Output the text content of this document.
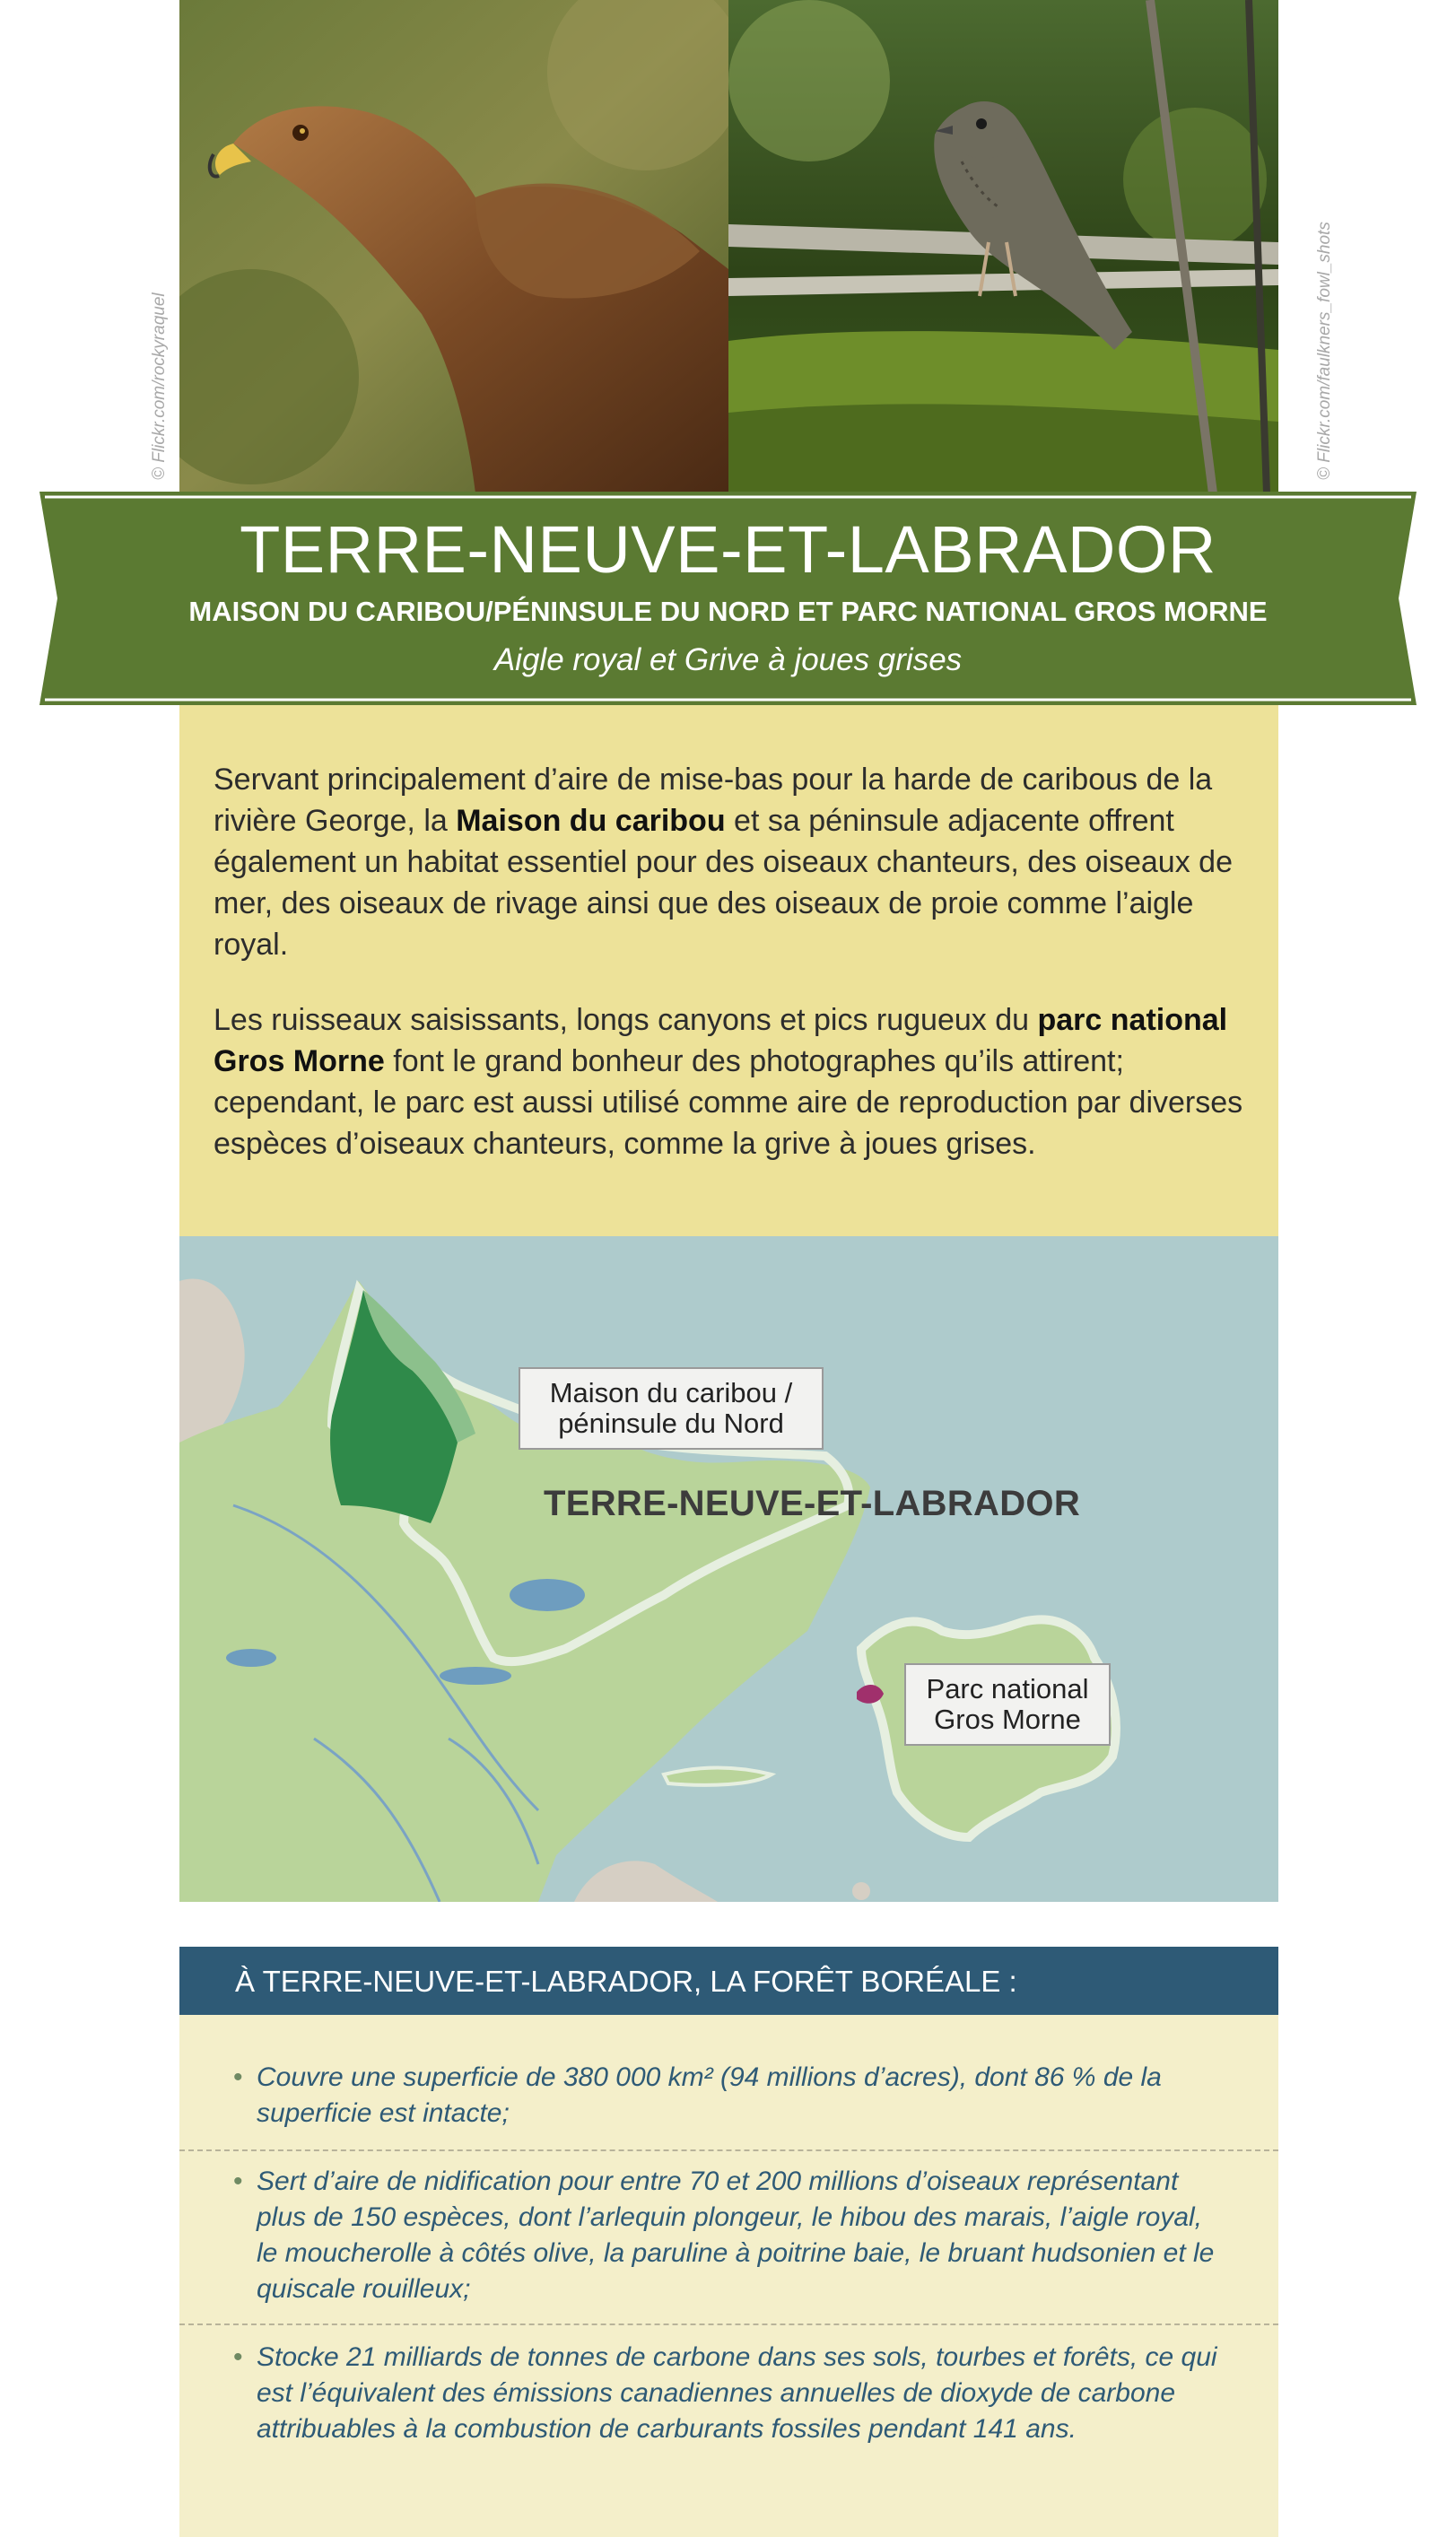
© Flickr.com/rockyraquel	© Flickr.com/faulkners_fowl_shots
TERRE-NEUVE-ET-LABRADOR
MAISON DU CARIBOU/PÉNINSULE DU NORD ET PARC NATIONAL GROS MORNE
Aigle royal et Grive à joues grises

Servant principalement d’aire de mise-bas pour la harde de caribous de la rivière George, la Maison du caribou et sa péninsule adjacente offrent également un habitat essentiel pour des oiseaux chanteurs, des oiseaux de mer, des oiseaux de rivage ainsi que des oiseaux de proie comme l’aigle royal.

Les ruisseaux saisissants, longs canyons et pics rugueux du parc national Gros Morne font le grand bonheur des photographes qu’ils attirent; cependant, le parc est aussi utilisé comme aire de reproduction par diverses espèces d’oiseaux chanteurs, comme la grive à joues grises.

TERRE-NEUVE-ET-LABRADOR
Maison du caribou /
péninsule du Nord
Parc national
Gros Morne
À TERRE-NEUVE-ET-LABRADOR, LA FORÊT BORÉALE :
• Couvre une superficie de 380 000 km² (94 millions d’acres), dont 86 % de la superficie est intacte;
• Sert d’aire de nidification pour entre 70 et 200 millions d’oiseaux représentant plus de 150 espèces, dont l’arlequin plongeur, le hibou des marais, l’aigle royal, le moucherolle à côtés olive, la paruline à poitrine baie, le bruant hudsonien et le quiscale rouilleux;
• Stocke 21 milliards de tonnes de carbone dans ses sols, tourbes et forêts, ce qui est l’équivalent des émissions canadiennes annuelles de dioxyde de carbone attribuables à la combustion de carburants fossiles pendant 141 ans.
